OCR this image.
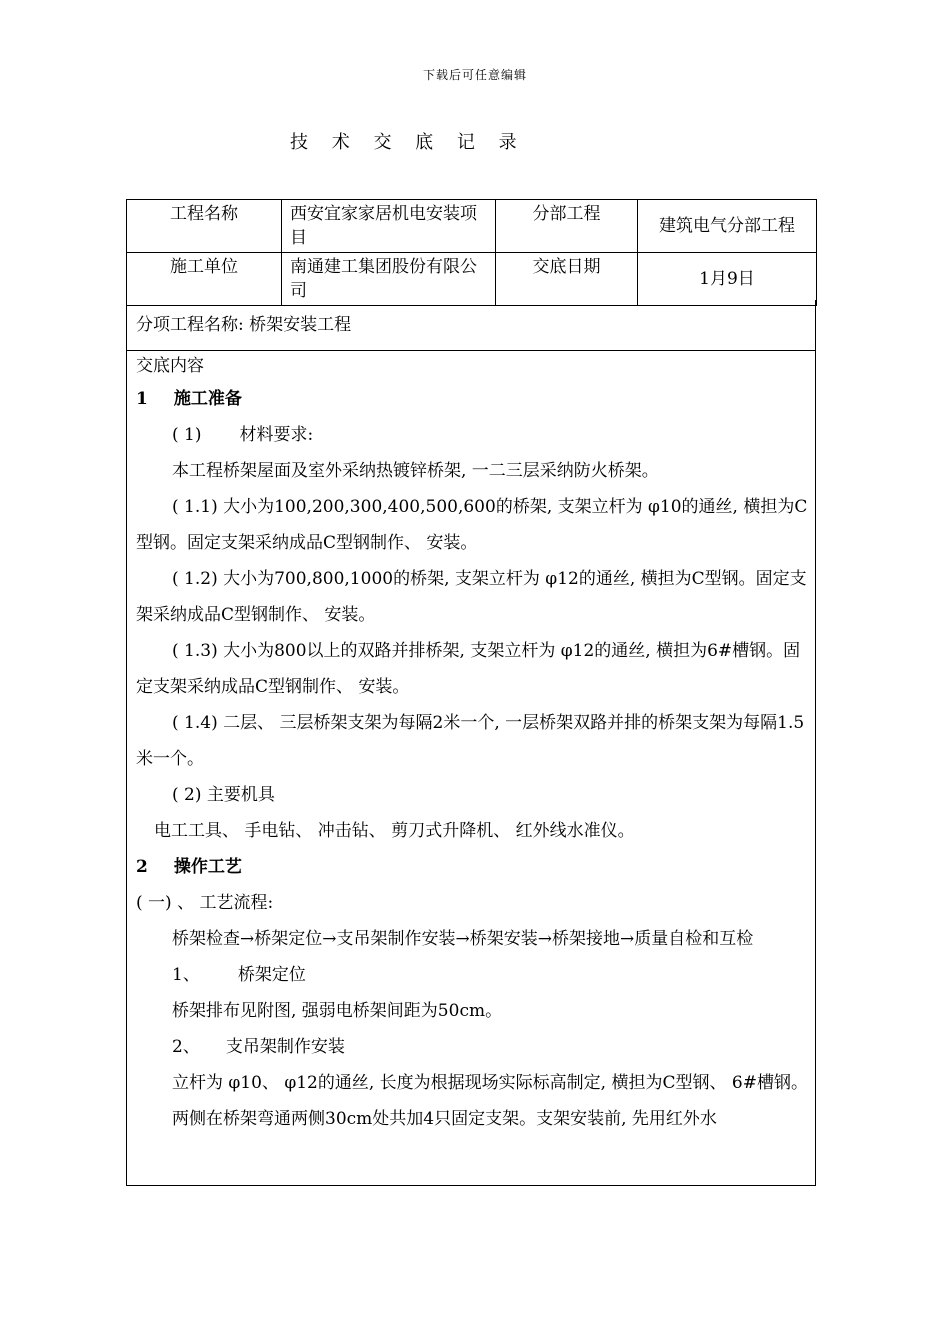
下载后可任意编辑
技 术 交 底 记 录
工程名称	西安宜家家居机电安装项目	分部工程	建筑电气分部工程
施工单位	南通建工集团股份有限公司	交底日期	1月9日
分项工程名称: 桥架安装工程

交底内容

1 施工准备

( 1) 材料要求:

本工程桥架屋面及室外采纳热镀锌桥架, 一二三层采纳防火桥架。

( 1.1) 大小为100,200,300,400,500,600的桥架, 支架立杆为 φ10的通丝, 横担为C型钢。固定支架采纳成品C型钢制作、 安装。

( 1.2) 大小为700,800,1000的桥架, 支架立杆为 φ12的通丝, 横担为C型钢。固定支架采纳成品C型钢制作、 安装。

( 1.3) 大小为800以上的双路并排桥架, 支架立杆为 φ12的通丝, 横担为6#槽钢。固定支架采纳成品C型钢制作、 安装。

( 1.4) 二层、 三层桥架支架为每隔2米一个, 一层桥架双路并排的桥架支架为每隔1.5米一个。

( 2) 主要机具

电工工具、 手电钻、 冲击钻、 剪刀式升降机、 红外线水准仪。

2 操作工艺

( 一) 、 工艺流程:

桥架检查→桥架定位→支吊架制作安装→桥架安装→桥架接地→质量自检和互检

1、 桥架定位

桥架排布见附图, 强弱电桥架间距为50cm。

2、 支吊架制作安装

立杆为 φ10、 φ12的通丝, 长度为根据现场实际标高制定, 横担为C型钢、 6#槽钢。

两侧在桥架弯通两侧30cm处共加4只固定支架。支架安装前, 先用红外水
